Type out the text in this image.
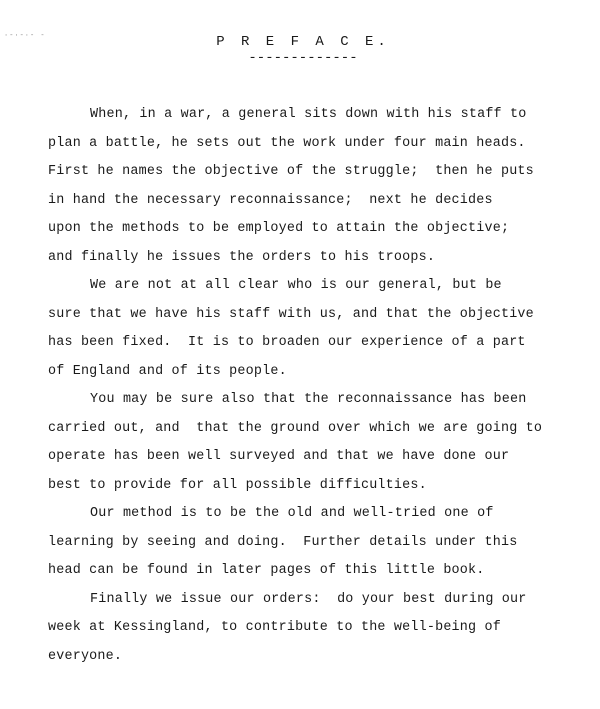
·-·-·- -	P R E F A C E.
-------------

When, in a war, a general sits down with his staff to
plan a battle, he sets out the work under four main heads.
First he names the objective of the struggle;  then he puts
in hand the necessary reconnaissance;  next he decides
upon the methods to be employed to attain the objective;
and finally he issues the orders to his troops.

We are not at all clear who is our general, but be
sure that we have his staff with us, and that the objective
has been fixed.  It is to broaden our experience of a part
of England and of its people.

You may be sure also that the reconnaissance has been
carried out, and  that the ground over which we are going to
operate has been well surveyed and that we have done our
best to provide for all possible difficulties.

Our method is to be the old and well-tried one of
learning by seeing and doing.  Further details under this
head can be found in later pages of this little book.

Finally we issue our orders:  do your best during our
week at Kessingland, to contribute to the well-being of
everyone.
